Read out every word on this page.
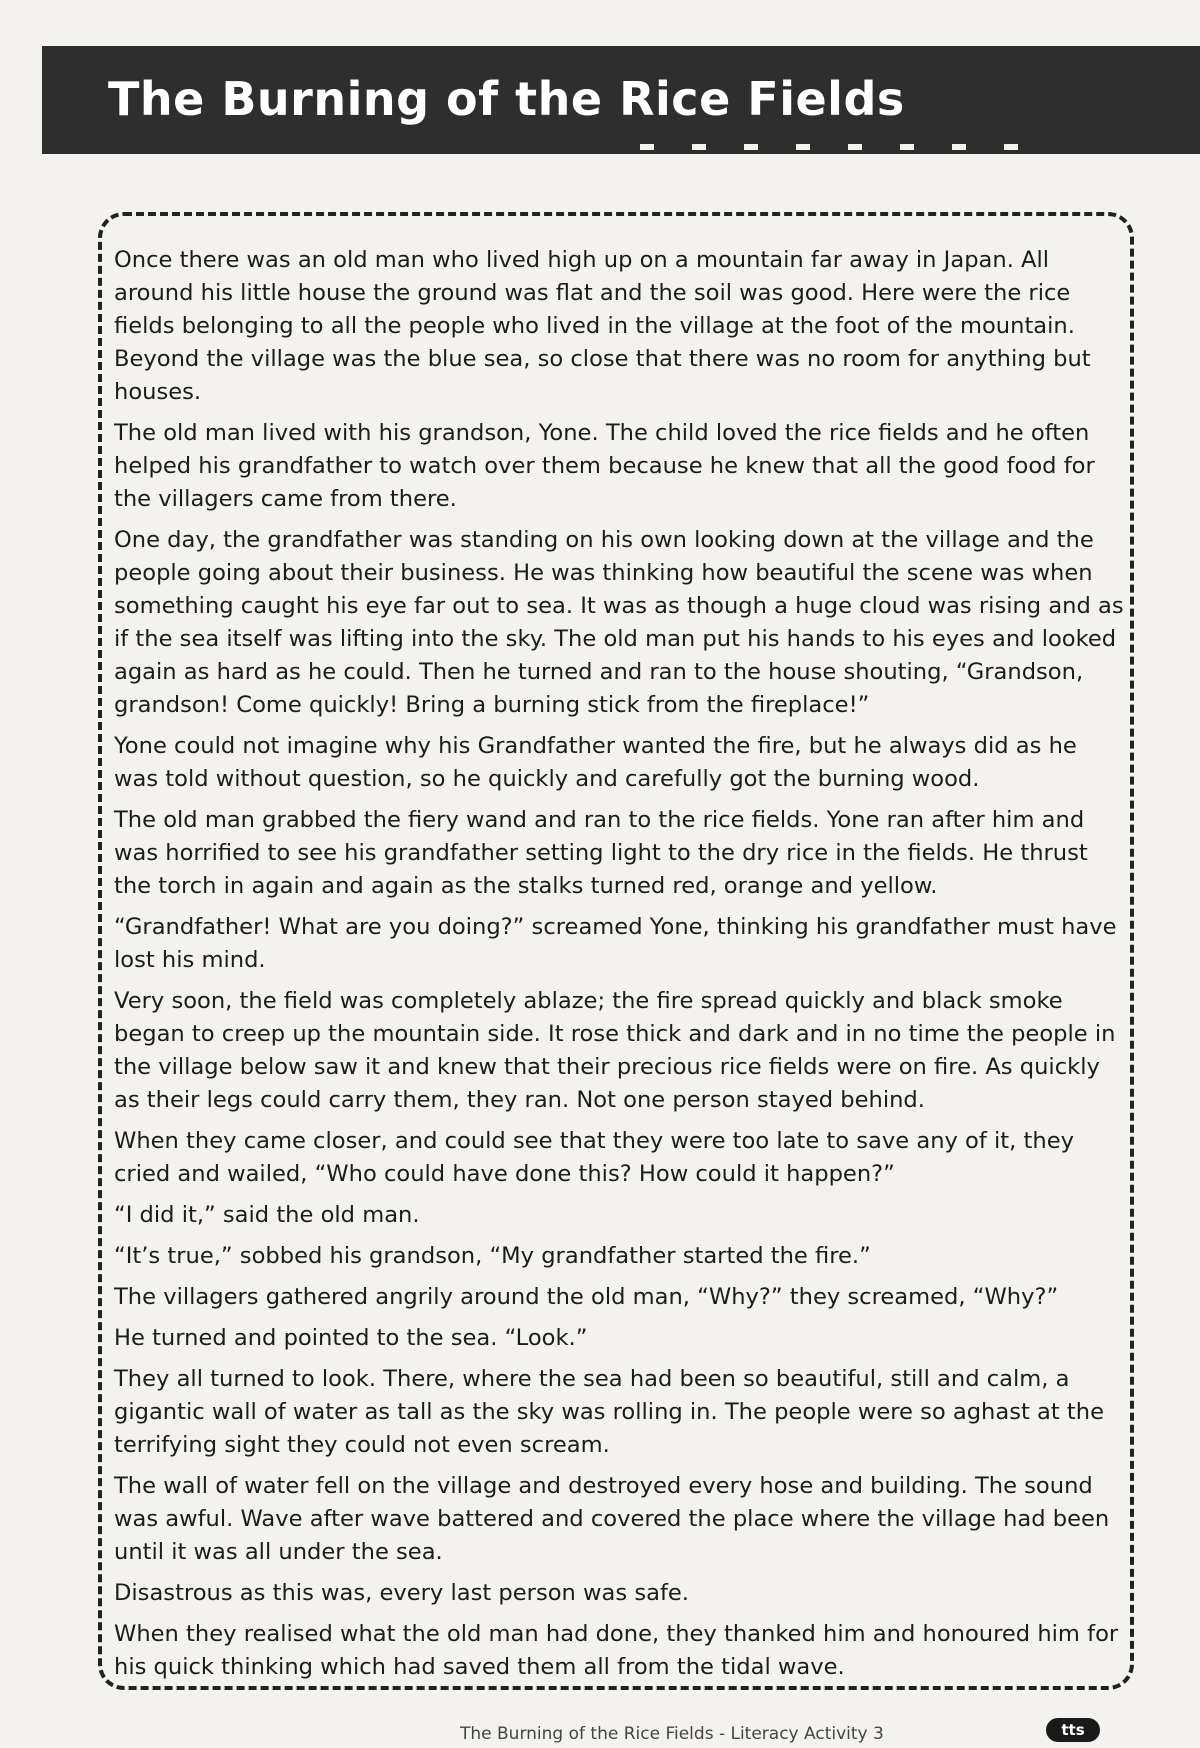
The Burning of the Rice Fields

Once there was an old man who lived high up on a mountain far away in Japan. All around his little house the ground was flat and the soil was good. Here were the rice fields belonging to all the people who lived in the village at the foot of the mountain. Beyond the village was the blue sea, so close that there was no room for anything but houses.

The old man lived with his grandson, Yone. The child loved the rice fields and he often helped his grandfather to watch over them because he knew that all the good food for the villagers came from there.

One day, the grandfather was standing on his own looking down at the village and the people going about their business. He was thinking how beautiful the scene was when something caught his eye far out to sea. It was as though a huge cloud was rising and as if the sea itself was lifting into the sky. The old man put his hands to his eyes and looked again as hard as he could. Then he turned and ran to the house shouting, “Grandson, grandson! Come quickly! Bring a burning stick from the fireplace!”

Yone could not imagine why his Grandfather wanted the fire, but he always did as he was told without question, so he quickly and carefully got the burning wood.

The old man grabbed the fiery wand and ran to the rice fields. Yone ran after him and was horrified to see his grandfather setting light to the dry rice in the fields. He thrust the torch in again and again as the stalks turned red, orange and yellow.

“Grandfather! What are you doing?” screamed Yone, thinking his grandfather must have lost his mind.

Very soon, the field was completely ablaze; the fire spread quickly and black smoke began to creep up the mountain side. It rose thick and dark and in no time the people in the village below saw it and knew that their precious rice fields were on fire. As quickly as their legs could carry them, they ran. Not one person stayed behind.

When they came closer, and could see that they were too late to save any of it, they cried and wailed, “Who could have done this? How could it happen?”

“I did it,” said the old man.

“It’s true,” sobbed his grandson, “My grandfather started the fire.”

The villagers gathered angrily around the old man, “Why?” they screamed, “Why?”

He turned and pointed to the sea. “Look.”

They all turned to look. There, where the sea had been so beautiful, still and calm, a gigantic wall of water as tall as the sky was rolling in. The people were so aghast at the terrifying sight they could not even scream.

The wall of water fell on the village and destroyed every hose and building. The sound was awful. Wave after wave battered and covered the place where the village had been until it was all under the sea.

Disastrous as this was, every last person was safe.

When they realised what the old man had done, they thanked him and honoured him for his quick thinking which had saved them all from the tidal wave.

The Burning of the Rice Fields - Literacy Activity 3	tts
